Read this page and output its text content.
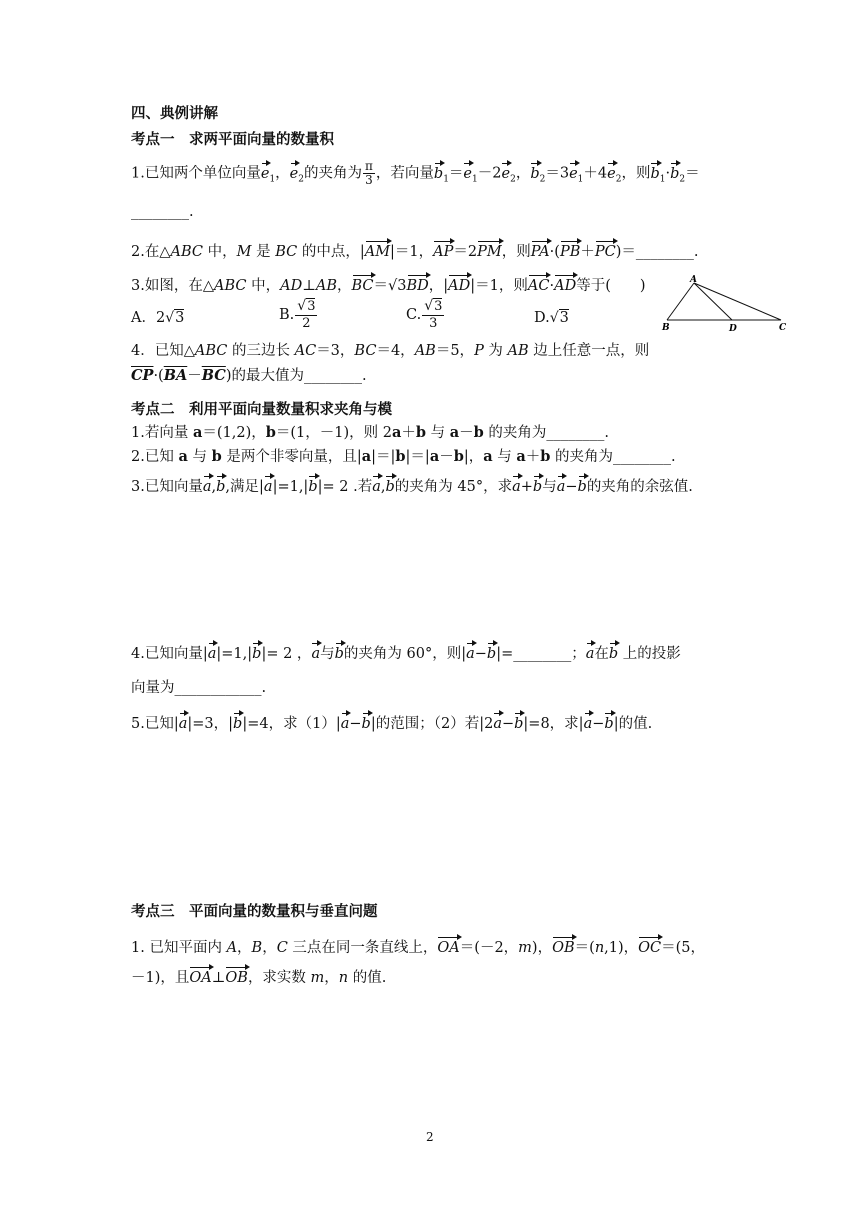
四、典例讲解
考点一　求两平面向量的数量积
1.已知两个单位向量$e_1$，$e_2$的夹角为 $\frac{\pi}{3}$ ，若向量$b_1=e_1-2e_2$，$b_2=3e_1+4e_2$，则$b_1\cdot b_2=$
________.
2.在△ABC 中，M 是 BC 的中点，|AM|＝1，AP＝2PM，则PA·(PB＋PC)＝________.
3.如图，在△ABC 中，AD⊥AB，BC＝√3BD，|AD|＝1，则AC·AD等于(　　)
A．2√3	B. $\frac{√3}{2}$	C. $\frac{√3}{3}$	D.√3
A
B	D	C
4．已知△ABC 的三边长 AC＝3，BC＝4，AB＝5，P 为 AB 边上任意一点，则
$\overline{CP}\cdot(\overline{BA}-\overline{BC})$的最大值为________.
考点二　利用平面向量数量积求夹角与模
1.若向量 a＝(1,2)，b＝(1，－1)，则 2a＋b 与 a－b 的夹角为________.
2.已知 a 与 b 是两个非零向量，且|a|＝|b|＝|a－b|，a 与 a＋b 的夹角为________.
3.已知向量a,b,满足|a|=1,|b|= 2 .若a,b的夹角为 45°，求a+b与a−b的夹角的余弦值.
4.已知向量|a|=1,|b|= 2 ，a与b的夹角为 60°，则|a−b|=________；a在b 上的投影
向量为____________.
5.已知|a|=3，|b|=4，求（1）|a−b|的范围；（2）若|2a−b|=8，求|a−b|的值.
考点三　平面向量的数量积与垂直问题
1. 已知平面内 A，B，C 三点在同一条直线上，OA＝(－2，m)，OB＝(n,1)，OC＝(5，
－1)，且OA⊥OB，求实数 m，n 的值.
2
